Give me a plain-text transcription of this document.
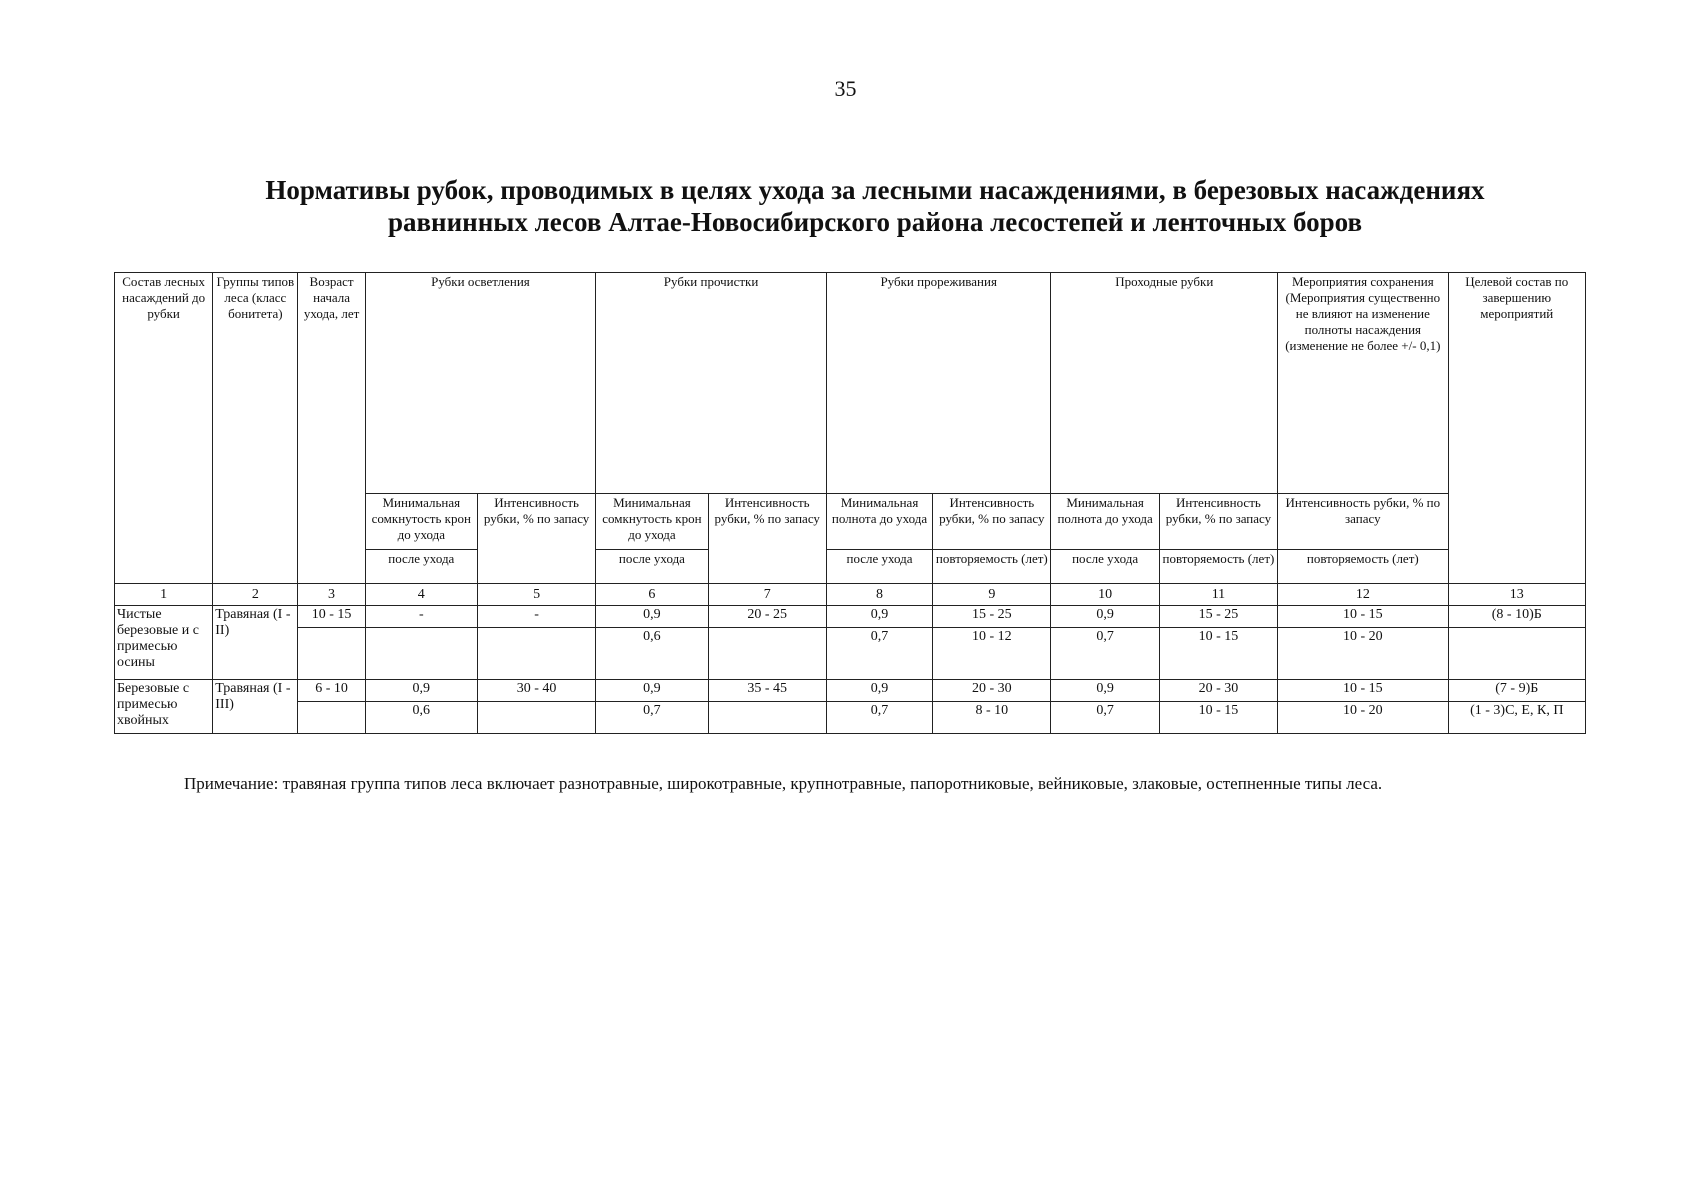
35
Нормативы рубок, проводимых в целях ухода за лесными насаждениями, в березовых насаждениях
равнинных лесов Алтае-Новосибирского района лесостепей и ленточных боров
Состав лесных насаждений до рубки	Группы типов леса (класс бонитета)	Возраст начала ухода, лет	Рубки осветления		Рубки прочистки		Рубки прореживания		Проходные рубки		Мероприятия сохранения (Мероприятия существенно не влияют на изменение полноты насаждения (изменение не более +/- 0,1)	Целевой состав по завершению мероприятий
			Минимальная сомкнутость крон до ухода	Интенсивность рубки, % по запасу	Минимальная сомкнутость крон до ухода	Интенсивность рубки, % по запасу	Минимальная полнота до ухода	Интенсивность рубки, % по запасу	Минимальная полнота до ухода	Интенсивность рубки, % по запасу	Интенсивность рубки, % по запасу	
			после ухода		после ухода		после ухода	повторяемость (лет)	после ухода	повторяемость (лет)	повторяемость (лет)	
1	2	3	4	5	6	7	8	9	10	11	12	13
Чистые березовые и с примесью осины	Травяная (I - II)	10 - 15	-	-	0,9	20 - 25	0,9	15 - 25	0,9	15 - 25	10 - 15	(8 - 10)Б
					0,6		0,7	10 - 12	0,7	10 - 15	10 - 20	
Березовые с примесью хвойных	Травяная (I - III)	6 - 10	0,9	30 - 40	0,9	35 - 45	0,9	20 - 30	0,9	20 - 30	10 - 15	(7 - 9)Б
			0,6		0,7		0,7	8 - 10	0,7	10 - 15	10 - 20	(1 - 3)С, Е, К, П

Примечание: травяная группа типов леса включает разнотравные, широкотравные, крупнотравные, папоротниковые, вейниковые, злаковые, остепненные типы леса.
